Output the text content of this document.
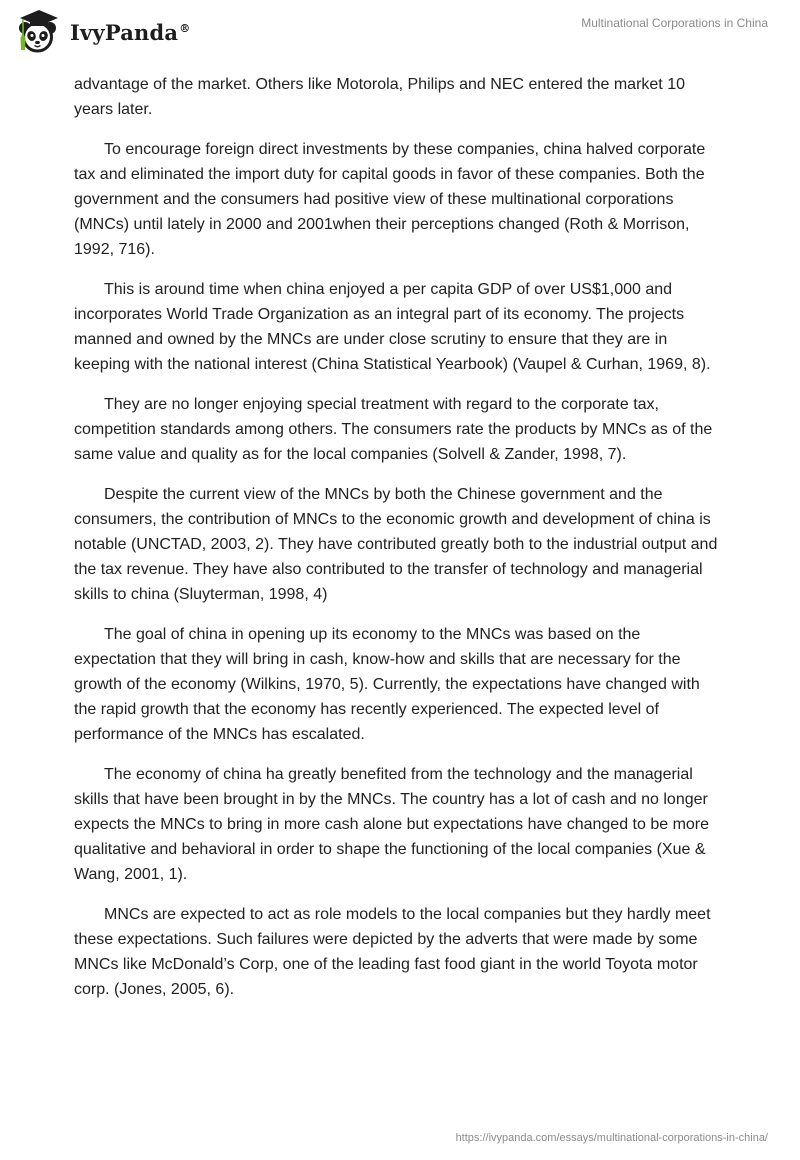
IvyPanda®	Multinational Corporations in China

advantage of the market. Others like Motorola, Philips and NEC entered the market 10 years later.

To encourage foreign direct investments by these companies, china halved corporate tax and eliminated the import duty for capital goods in favor of these companies. Both the government and the consumers had positive view of these multinational corporations (MNCs) until lately in 2000 and 2001when their perceptions changed (Roth & Morrison, 1992, 716).

This is around time when china enjoyed a per capita GDP of over US$1,000 and incorporates World Trade Organization as an integral part of its economy. The projects manned and owned by the MNCs are under close scrutiny to ensure that they are in keeping with the national interest (China Statistical Yearbook) (Vaupel & Curhan, 1969, 8).

They are no longer enjoying special treatment with regard to the corporate tax, competition standards among others. The consumers rate the products by MNCs as of the same value and quality as for the local companies (Solvell & Zander, 1998, 7).

Despite the current view of the MNCs by both the Chinese government and the consumers, the contribution of MNCs to the economic growth and development of china is notable (UNCTAD, 2003, 2). They have contributed greatly both to the industrial output and the tax revenue. They have also contributed to the transfer of technology and managerial skills to china (Sluyterman, 1998, 4)

The goal of china in opening up its economy to the MNCs was based on the expectation that they will bring in cash, know-how and skills that are necessary for the growth of the economy (Wilkins, 1970, 5). Currently, the expectations have changed with the rapid growth that the economy has recently experienced. The expected level of performance of the MNCs has escalated.

The economy of china ha greatly benefited from the technology and the managerial skills that have been brought in by the MNCs. The country has a lot of cash and no longer expects the MNCs to bring in more cash alone but expectations have changed to be more qualitative and behavioral in order to shape the functioning of the local companies (Xue & Wang, 2001, 1).

MNCs are expected to act as role models to the local companies but they hardly meet these expectations. Such failures were depicted by the adverts that were made by some MNCs like McDonald’s Corp, one of the leading fast food giant in the world Toyota motor corp. (Jones, 2005, 6).

https://ivypanda.com/essays/multinational-corporations-in-china/
